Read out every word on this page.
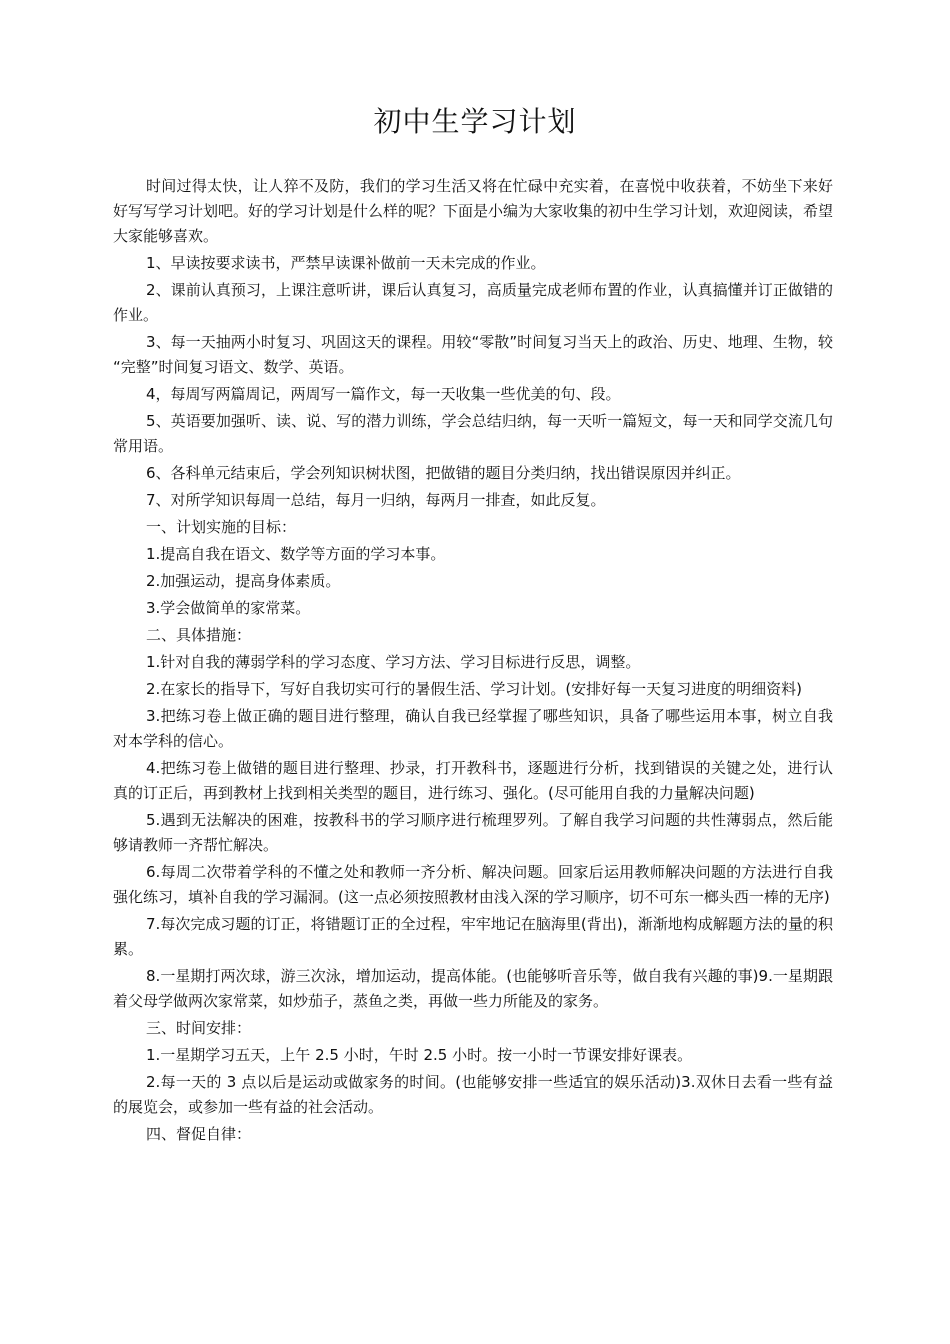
初中生学习计划

时间过得太快，让人猝不及防，我们的学习生活又将在忙碌中充实着，在喜悦中收获着，不妨坐下来好好写写学习计划吧。好的学习计划是什么样的呢？下面是小编为大家收集的初中生学习计划，欢迎阅读，希望大家能够喜欢。

1、早读按要求读书，严禁早读课补做前一天未完成的作业。

2、课前认真预习，上课注意听讲，课后认真复习，高质量完成老师布置的作业，认真搞懂并订正做错的作业。

3、每一天抽两小时复习、巩固这天的课程。用较“零散”时间复习当天上的政治、历史、地理、生物，较“完整”时间复习语文、数学、英语。

4，每周写两篇周记，两周写一篇作文，每一天收集一些优美的句、段。

5、英语要加强听、读、说、写的潜力训练，学会总结归纳，每一天听一篇短文，每一天和同学交流几句常用语。

6、各科单元结束后，学会列知识树状图，把做错的题目分类归纳，找出错误原因并纠正。

7、对所学知识每周一总结，每月一归纳，每两月一排查，如此反复。

一、计划实施的目标：

1.提高自我在语文、数学等方面的学习本事。

2.加强运动，提高身体素质。

3.学会做简单的家常菜。

二、具体措施：

1.针对自我的薄弱学科的学习态度、学习方法、学习目标进行反思，调整。

2.在家长的指导下，写好自我切实可行的暑假生活、学习计划。(安排好每一天复习进度的明细资料)

3.把练习卷上做正确的题目进行整理，确认自我已经掌握了哪些知识，具备了哪些运用本事，树立自我对本学科的信心。

4.把练习卷上做错的题目进行整理、抄录，打开教科书，逐题进行分析，找到错误的关键之处，进行认真的订正后，再到教材上找到相关类型的题目，进行练习、强化。(尽可能用自我的力量解决问题)

5.遇到无法解决的困难，按教科书的学习顺序进行梳理罗列。了解自我学习问题的共性薄弱点，然后能够请教师一齐帮忙解决。

6.每周二次带着学科的不懂之处和教师一齐分析、解决问题。回家后运用教师解决问题的方法进行自我强化练习，填补自我的学习漏洞。(这一点必须按照教材由浅入深的学习顺序，切不可东一榔头西一棒的无序)

7.每次完成习题的订正，将错题订正的全过程，牢牢地记在脑海里(背出)，渐渐地构成解题方法的量的积累。

8.一星期打两次球，游三次泳，增加运动，提高体能。(也能够听音乐等，做自我有兴趣的事)9.一星期跟着父母学做两次家常菜，如炒茄子，蒸鱼之类，再做一些力所能及的家务。

三、时间安排：

1.一星期学习五天，上午 2.5 小时，午时 2.5 小时。按一小时一节课安排好课表。

2.每一天的 3 点以后是运动或做家务的时间。(也能够安排一些适宜的娱乐活动)3.双休日去看一些有益的展览会，或参加一些有益的社会活动。

四、督促自律：
